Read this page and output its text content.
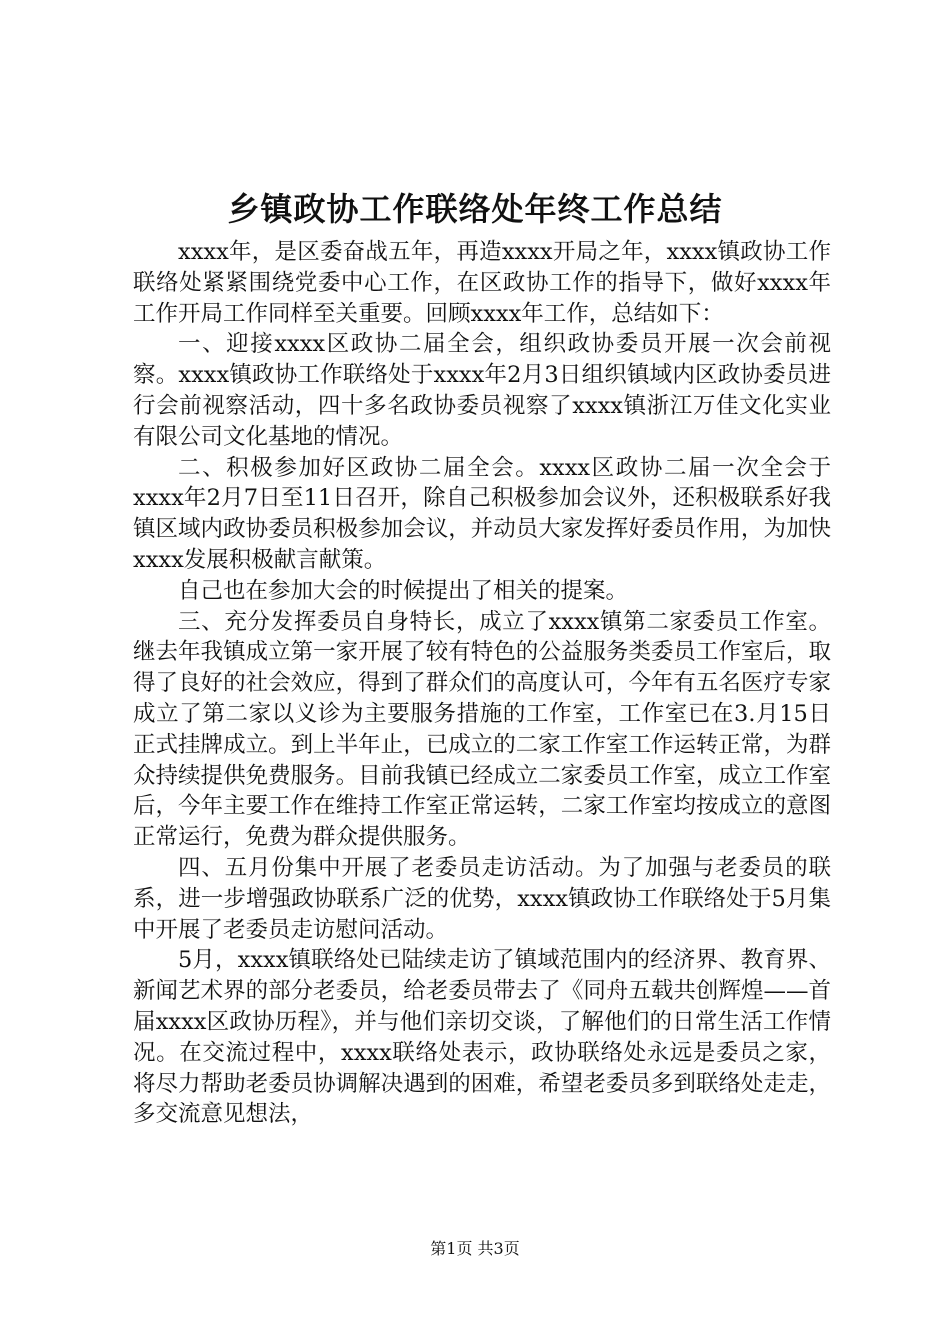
乡镇政协工作联络处年终工作总结

xxxx年，是区委奋战五年，再造xxxx开局之年，xxxx镇政协工作联络处紧紧围绕党委中心工作，在区政协工作的指导下，做好xxxx年工作开局工作同样至关重要。回顾xxxx年工作，总结如下：

一、迎接xxxx区政协二届全会，组织政协委员开展一次会前视察。xxxx镇政协工作联络处于xxxx年2月3日组织镇域内区政协委员进行会前视察活动，四十多名政协委员视察了xxxx镇浙江万佳文化实业有限公司文化基地的情况。

二、积极参加好区政协二届全会。xxxx区政协二届一次全会于xxxx年2月7日至11日召开，除自己积极参加会议外，还积极联系好我镇区域内政协委员积极参加会议，并动员大家发挥好委员作用，为加快xxxx发展积极献言献策。

自己也在参加大会的时候提出了相关的提案。

三、充分发挥委员自身特长，成立了xxxx镇第二家委员工作室。继去年我镇成立第一家开展了较有特色的公益服务类委员工作室后，取得了良好的社会效应，得到了群众们的高度认可，今年有五名医疗专家成立了第二家以义诊为主要服务措施的工作室，工作室已在3.月15日正式挂牌成立。到上半年止，已成立的二家工作室工作运转正常，为群众持续提供免费服务。目前我镇已经成立二家委员工作室，成立工作室后，今年主要工作在维持工作室正常运转，二家工作室均按成立的意图正常运行，免费为群众提供服务。

四、五月份集中开展了老委员走访活动。为了加强与老委员的联系，进一步增强政协联系广泛的优势，xxxx镇政协工作联络处于5月集中开展了老委员走访慰问活动。

5月，xxxx镇联络处已陆续走访了镇域范围内的经济界、教育界、新闻艺术界的部分老委员，给老委员带去了《同舟五载共创辉煌——首届xxxx区政协历程》，并与他们亲切交谈，了解他们的日常生活工作情况。在交流过程中，xxxx联络处表示，政协联络处永远是委员之家，将尽力帮助老委员协调解决遇到的困难，希望老委员多到联络处走走，多交流意见想法，

第1页 共3页
